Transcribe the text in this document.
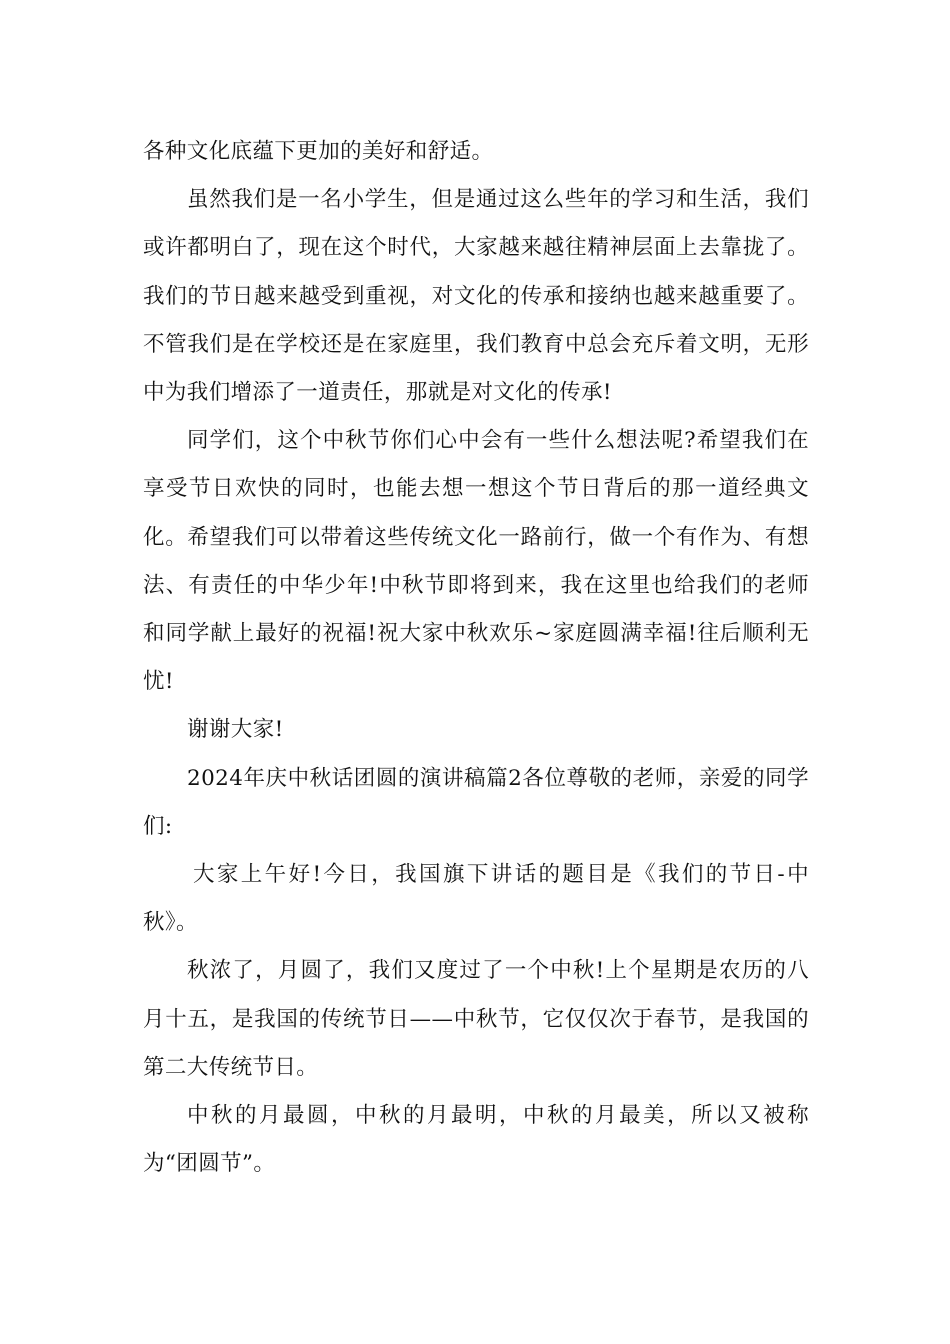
各种文化底蕴下更加的美好和舒适。

虽然我们是一名小学生，但是通过这么些年的学习和生活，我们或许都明白了，现在这个时代，大家越来越往精神层面上去靠拢了。我们的节日越来越受到重视，对文化的传承和接纳也越来越重要了。不管我们是在学校还是在家庭里，我们教育中总会充斥着文明，无形中为我们增添了一道责任，那就是对文化的传承!

同学们，这个中秋节你们心中会有一些什么想法呢?希望我们在享受节日欢快的同时，也能去想一想这个节日背后的那一道经典文化。希望我们可以带着这些传统文化一路前行，做一个有作为、有想法、有责任的中华少年!中秋节即将到来，我在这里也给我们的老师和同学献上最好的祝福!祝大家中秋欢乐~家庭圆满幸福!往后顺利无忧!

谢谢大家!

2024年庆中秋话团圆的演讲稿篇2各位尊敬的老师，亲爱的同学们:

大家上午好!今日，我国旗下讲话的题目是《我们的节日-中秋》。

秋浓了，月圆了，我们又度过了一个中秋!上个星期是农历的八月十五，是我国的传统节日——中秋节，它仅仅次于春节，是我国的第二大传统节日。

中秋的月最圆，中秋的月最明，中秋的月最美，所以又被称为“团圆节”。
